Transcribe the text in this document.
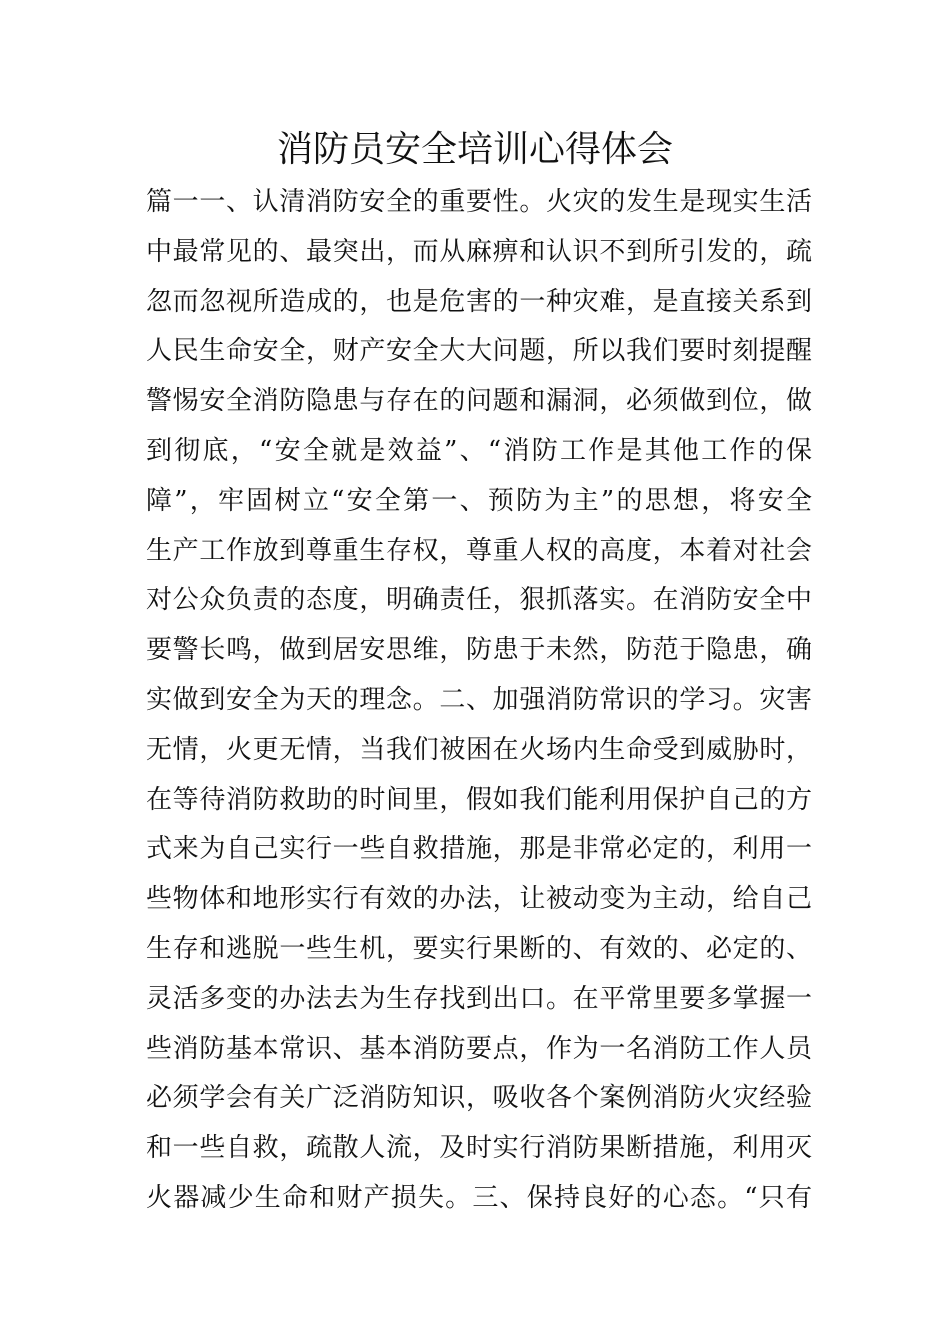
消防员安全培训心得体会
篇一一、认清消防安全的重要性。火灾的发生是现实生活
中最常见的、最突出，而从麻痹和认识不到所引发的，疏
忽而忽视所造成的，也是危害的一种灾难，是直接关系到
人民生命安全，财产安全大大问题，所以我们要时刻提醒
警惕安全消防隐患与存在的问题和漏洞，必须做到位，做
到彻底，“安全就是效益”、“消防工作是其他工作的保
障”，牢固树立“安全第一、预防为主”的思想，将安全
生产工作放到尊重生存权，尊重人权的高度，本着对社会
对公众负责的态度，明确责任，狠抓落实。在消防安全中
要警长鸣，做到居安思维，防患于未然，防范于隐患，确
实做到安全为天的理念。二、加强消防常识的学习。灾害
无情，火更无情，当我们被困在火场内生命受到威胁时，
在等待消防救助的时间里，假如我们能利用保护自己的方
式来为自己实行一些自救措施，那是非常必定的，利用一
些物体和地形实行有效的办法，让被动变为主动，给自己
生存和逃脱一些生机，要实行果断的、有效的、必定的、
灵活多变的办法去为生存找到出口。在平常里要多掌握一
些消防基本常识、基本消防要点，作为一名消防工作人员
必须学会有关广泛消防知识，吸收各个案例消防火灾经验
和一些自救，疏散人流，及时实行消防果断措施，利用灭
火器减少生命和财产损失。三、保持良好的心态。“只有
